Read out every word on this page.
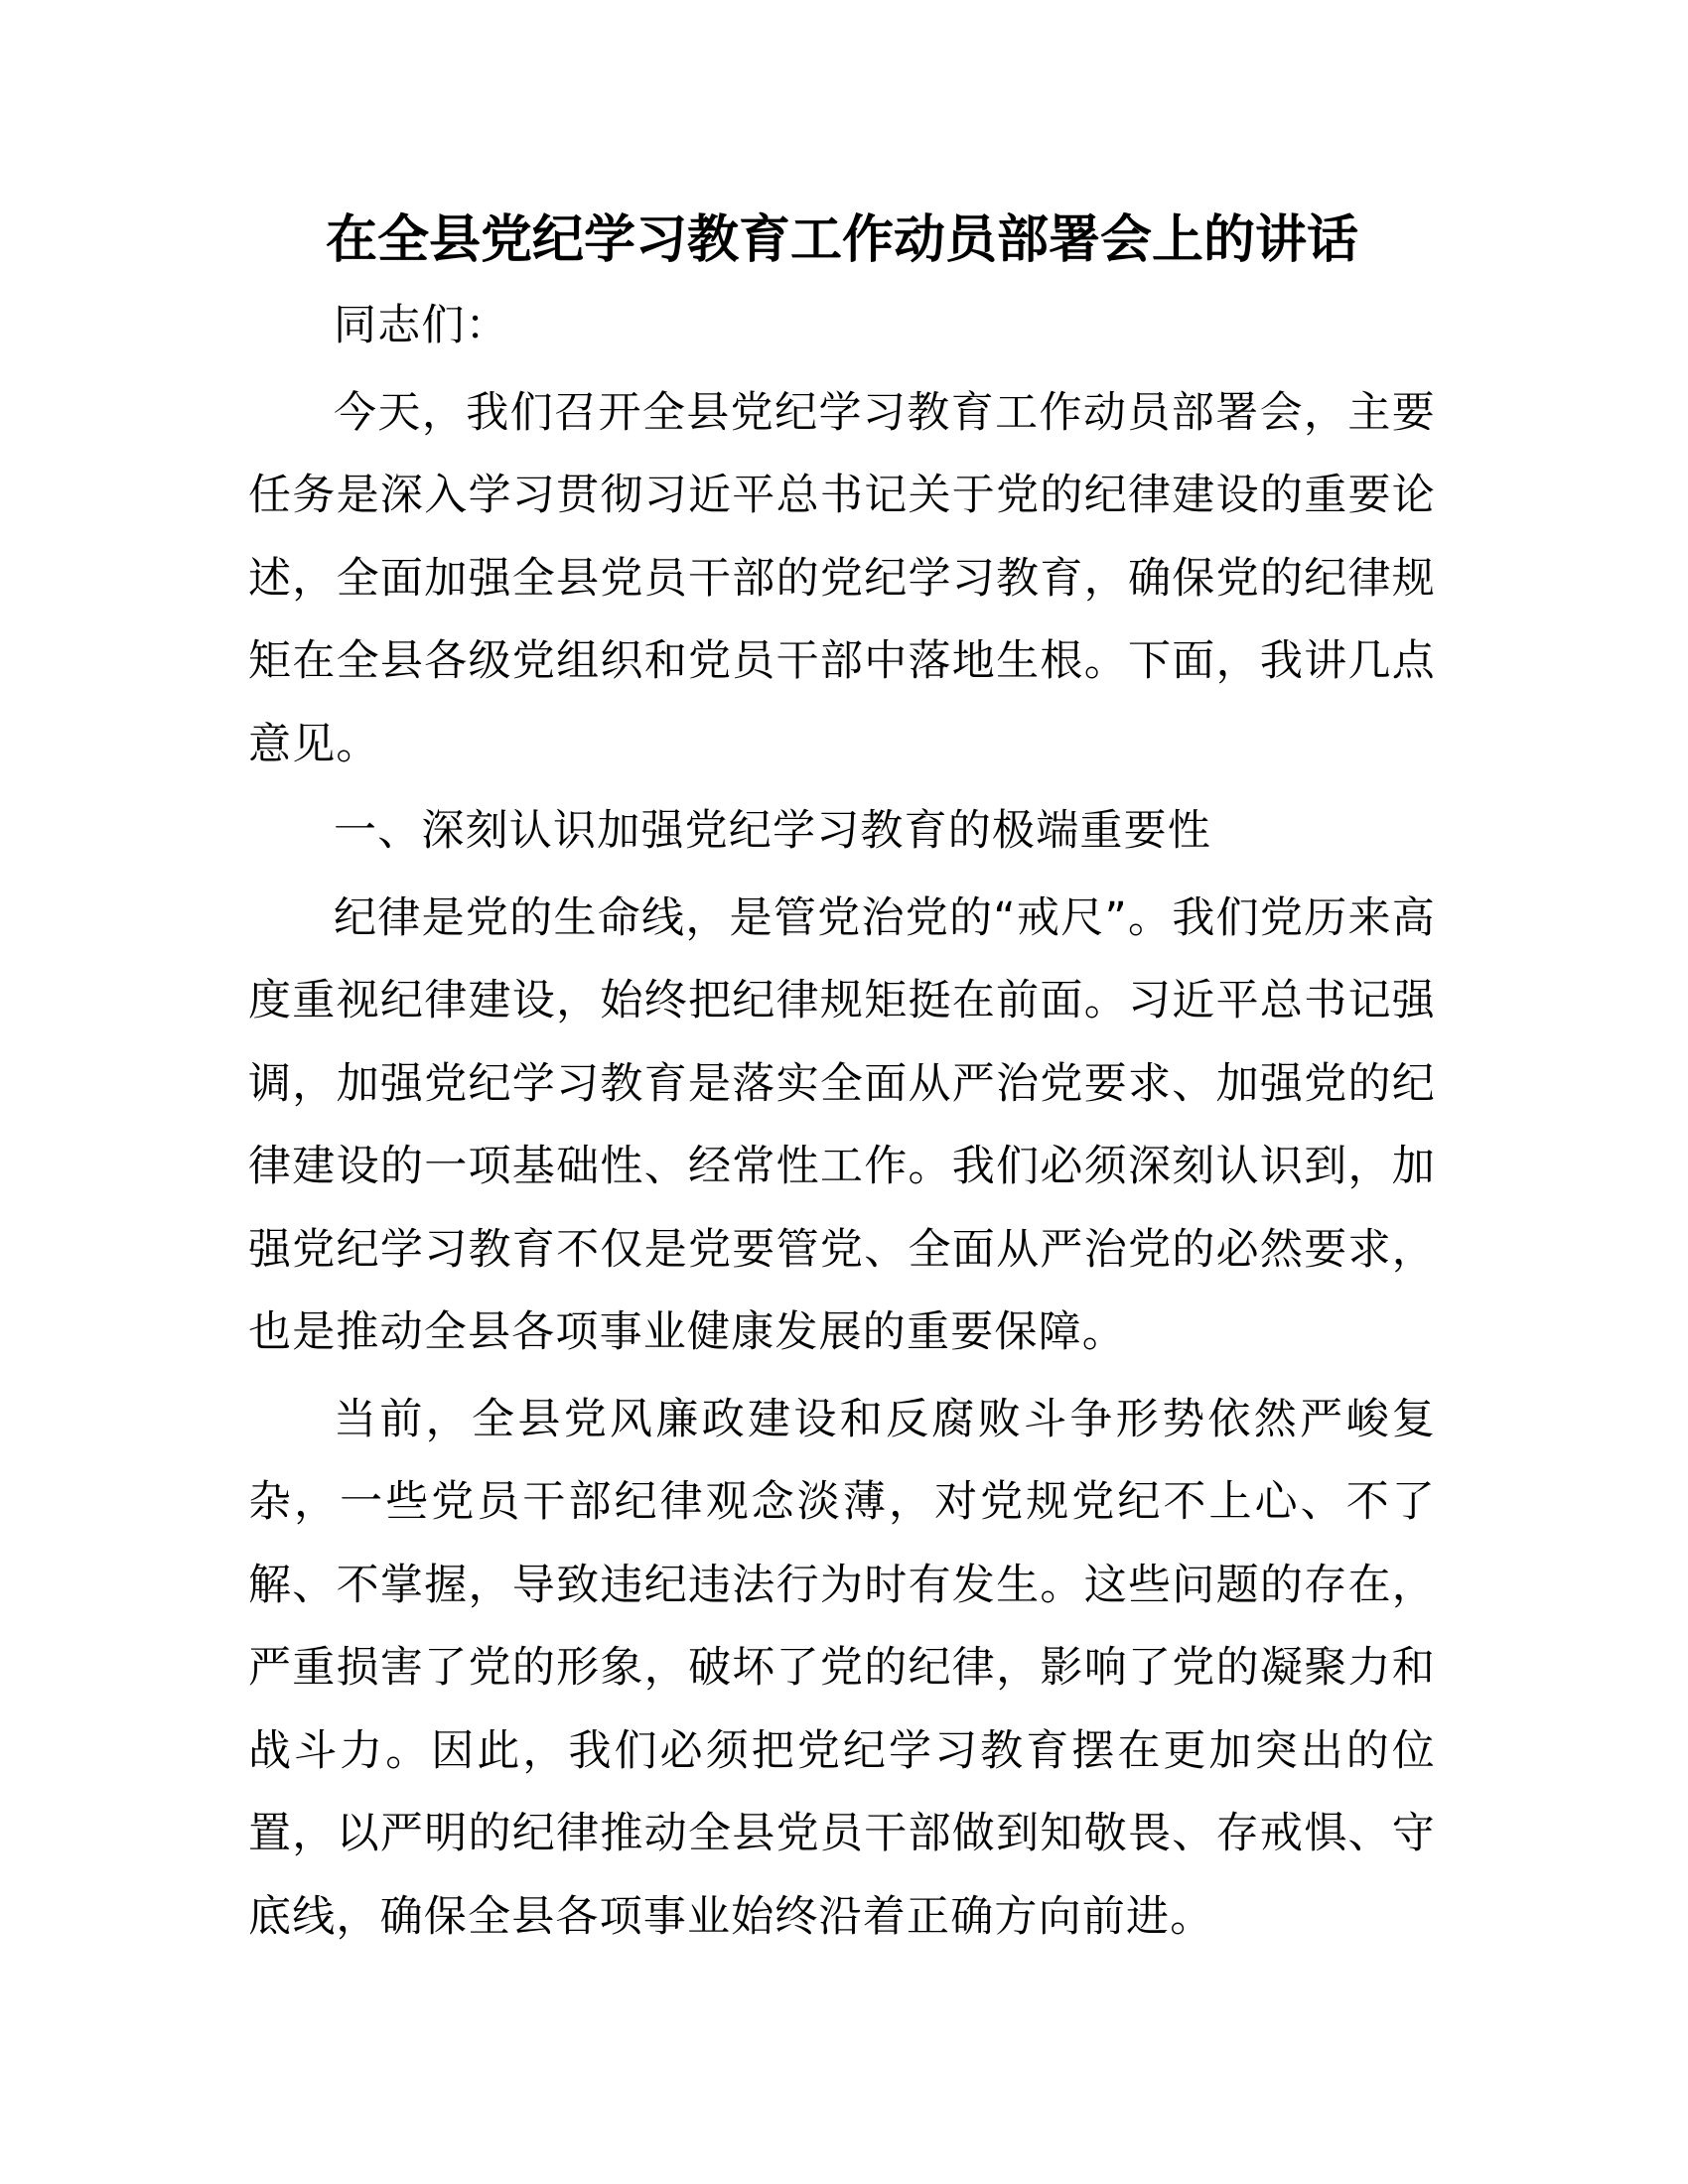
在全县党纪学习教育工作动员部署会上的讲话

同志们：

今天，我们召开全县党纪学习教育工作动员部署会，主要任务是深入学习贯彻习近平总书记关于党的纪律建设的重要论述，全面加强全县党员干部的党纪学习教育，确保党的纪律规矩在全县各级党组织和党员干部中落地生根。下面，我讲几点意见。

一、深刻认识加强党纪学习教育的极端重要性

纪律是党的生命线，是管党治党的“戒尺”。我们党历来高度重视纪律建设，始终把纪律规矩挺在前面。习近平总书记强调，加强党纪学习教育是落实全面从严治党要求、加强党的纪律建设的一项基础性、经常性工作。我们必须深刻认识到，加强党纪学习教育不仅是党要管党、全面从严治党的必然要求，也是推动全县各项事业健康发展的重要保障。

当前，全县党风廉政建设和反腐败斗争形势依然严峻复杂，一些党员干部纪律观念淡薄，对党规党纪不上心、不了解、不掌握，导致违纪违法行为时有发生。这些问题的存在，严重损害了党的形象，破坏了党的纪律，影响了党的凝聚力和战斗力。因此，我们必须把党纪学习教育摆在更加突出的位置，以严明的纪律推动全县党员干部做到知敬畏、存戒惧、守底线，确保全县各项事业始终沿着正确方向前进。
